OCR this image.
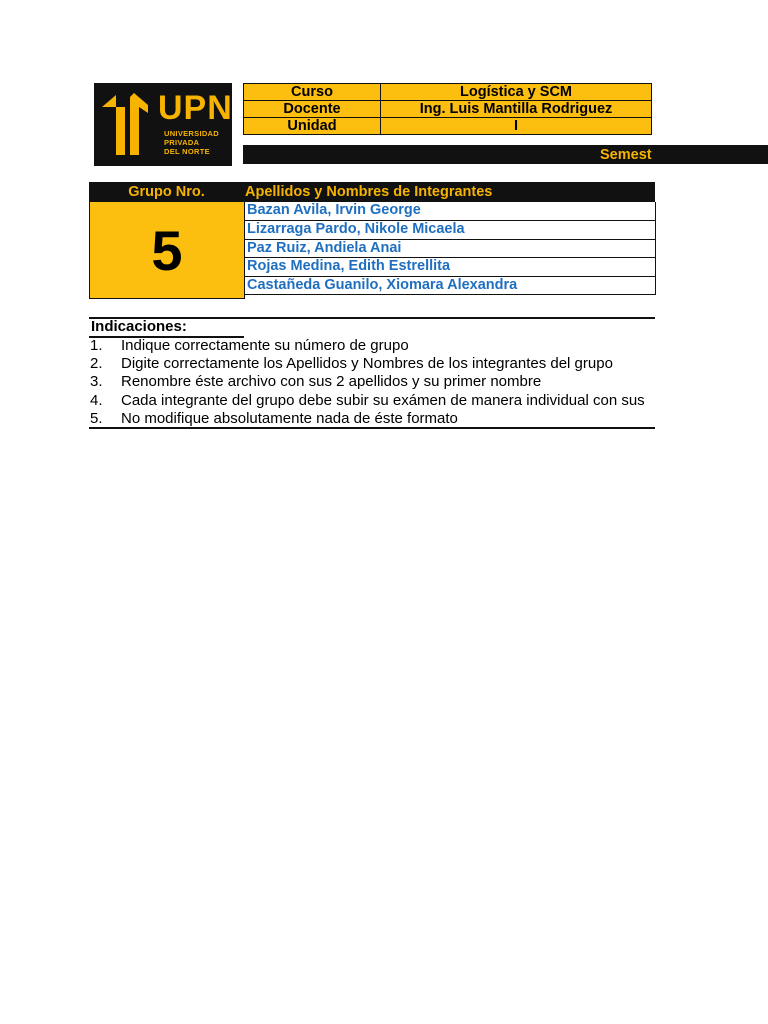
UPN
UNIVERSIDAD
PRIVADA
DEL NORTE
Curso	Logística y SCM
Docente	Ing. Luis Mantilla Rodriguez
Unidad	I
Semest
Grupo Nro.	Apellidos y Nombres de Integrantes
5
Bazan Avila, Irvin George
Lizarraga Pardo, Nikole Micaela
Paz Ruiz, Andiela Anai
Rojas Medina, Edith Estrellita
Castañeda Guanilo, Xiomara Alexandra
Indicaciones:
1. Indique correctamente su número de grupo
2. Digite correctamente los Apellidos y Nombres de los integrantes del grupo
3. Renombre éste archivo con sus 2 apellidos y su primer nombre
4. Cada integrante del grupo debe subir su exámen de manera individual con sus
5. No modifique absolutamente nada de éste formato
